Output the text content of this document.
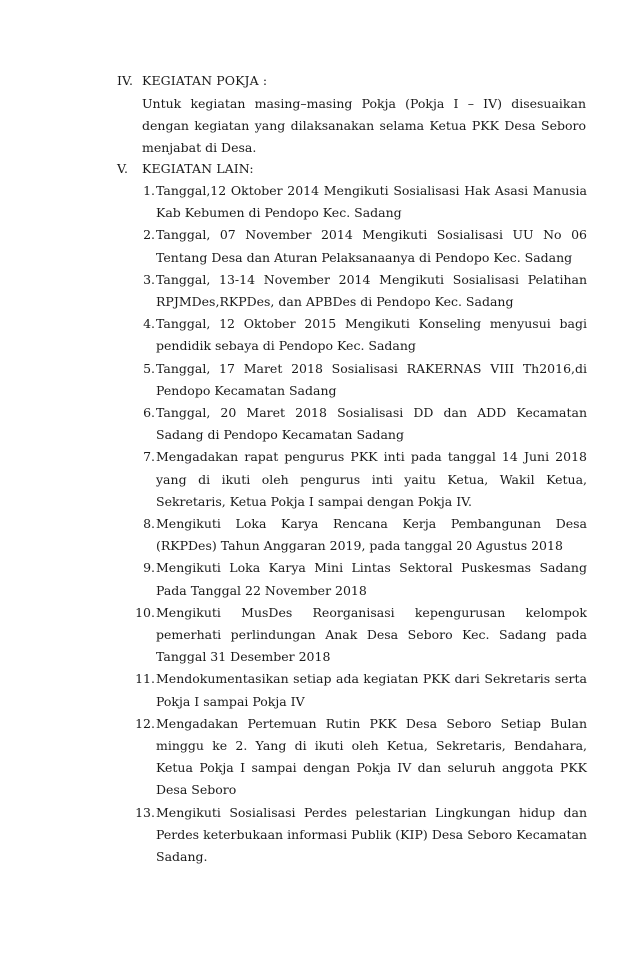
IV. KEGIATAN POKJA :
Untuk kegiatan masing–masing Pokja (Pokja I – IV) disesuaikan dengan kegiatan yang dilaksanakan selama Ketua PKK Desa Seboro menjabat di Desa.
V. KEGIATAN LAIN:
1. Tanggal,12 Oktober 2014 Mengikuti Sosialisasi Hak Asasi Manusia Kab Kebumen di Pendopo Kec. Sadang
2. Tanggal, 07 November 2014 Mengikuti Sosialisasi UU No 06 Tentang Desa dan Aturan Pelaksanaanya di Pendopo Kec. Sadang
3. Tanggal, 13-14 November 2014 Mengikuti Sosialisasi Pelatihan RPJMDes,RKPDes, dan APBDes di Pendopo Kec. Sadang
4. Tanggal, 12 Oktober 2015 Mengikuti Konseling menyusui bagi pendidik sebaya di Pendopo Kec. Sadang
5. Tanggal, 17 Maret 2018 Sosialisasi RAKERNAS VIII Th2016,di Pendopo Kecamatan Sadang
6. Tanggal, 20 Maret 2018 Sosialisasi DD dan ADD Kecamatan Sadang di Pendopo Kecamatan Sadang
7. Mengadakan rapat pengurus PKK inti pada tanggal 14 Juni 2018 yang di ikuti oleh pengurus inti yaitu Ketua, Wakil Ketua, Sekretaris, Ketua Pokja I sampai dengan Pokja IV.
8. Mengikuti Loka Karya Rencana Kerja Pembangunan Desa (RKPDes) Tahun Anggaran 2019, pada tanggal 20 Agustus 2018
9. Mengikuti Loka Karya Mini Lintas Sektoral Puskesmas Sadang Pada Tanggal 22 November 2018
10. Mengikuti MusDes Reorganisasi kepengurusan kelompok pemerhati perlindungan Anak Desa Seboro Kec. Sadang pada Tanggal 31 Desember 2018
11. Mendokumentasikan setiap ada kegiatan PKK dari Sekretaris serta Pokja I sampai Pokja IV
12. Mengadakan Pertemuan Rutin PKK Desa Seboro Setiap Bulan minggu ke 2. Yang di ikuti oleh Ketua, Sekretaris, Bendahara, Ketua Pokja I sampai dengan Pokja IV dan seluruh anggota PKK Desa Seboro
13. Mengikuti Sosialisasi Perdes pelestarian Lingkungan hidup dan Perdes keterbukaan informasi Publik (KIP) Desa Seboro Kecamatan Sadang.
